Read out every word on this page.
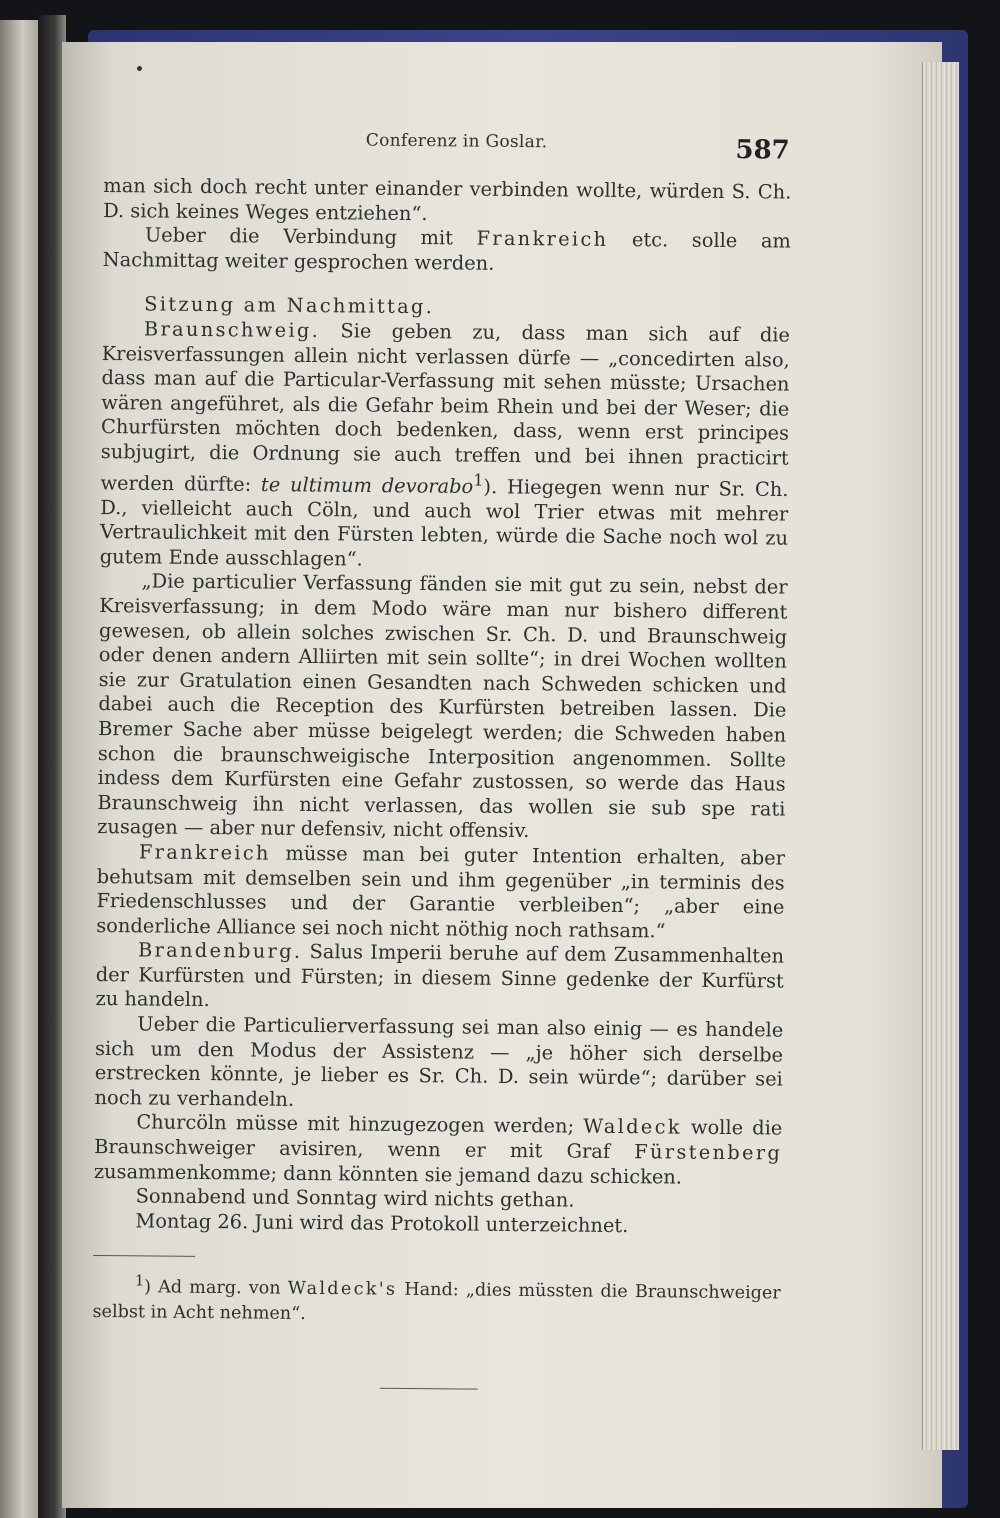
Conferenz in Goslar.	587

man sich doch recht unter einander verbinden wollte, würden S. Ch. D. sich keines Weges entziehen“.

Ueber die Verbindung mit Frankreich etc. solle am Nachmittag weiter gesprochen werden.

Sitzung am Nachmittag.

Braunschweig. Sie geben zu, dass man sich auf die Kreisverfassungen allein nicht verlassen dürfe — „concedirten also, dass man auf die Particular-Verfassung mit sehen müsste; Ursachen wären angeführet, als die Gefahr beim Rhein und bei der Weser; die Churfürsten möchten doch bedenken, dass, wenn erst principes subjugirt, die Ordnung sie auch treffen und bei ihnen practicirt werden dürfte: te ultimum devorabo$^1$). Hiegegen wenn nur Sr. Ch. D., vielleicht auch Cöln, und auch wol Trier etwas mit mehrer Vertraulichkeit mit den Fürsten lebten, würde die Sache noch wol zu gutem Ende ausschlagen“.

„Die particulier Verfassung fänden sie mit gut zu sein, nebst der Kreisverfassung; in dem Modo wäre man nur bishero different gewesen, ob allein solches zwischen Sr. Ch. D. und Braunschweig oder denen andern Alliirten mit sein sollte“; in drei Wochen wollten sie zur Gratulation einen Gesandten nach Schweden schicken und dabei auch die Reception des Kurfürsten betreiben lassen. Die Bremer Sache aber müsse beigelegt werden; die Schweden haben schon die braunschweigische Interposition angenommen. Sollte indess dem Kurfürsten eine Gefahr zustossen, so werde das Haus Braunschweig ihn nicht verlassen, das wollen sie sub spe rati zusagen — aber nur defensiv, nicht offensiv.

Frankreich müsse man bei guter Intention erhalten, aber behutsam mit demselben sein und ihm gegenüber „in terminis des Friedenschlusses und der Garantie verbleiben“; „aber eine sonderliche Alliance sei noch nicht nöthig noch rathsam.“

Brandenburg. Salus Imperii beruhe auf dem Zusammenhalten der Kurfürsten und Fürsten; in diesem Sinne gedenke der Kurfürst zu handeln.

Ueber die Particulierverfassung sei man also einig — es handele sich um den Modus der Assistenz — „je höher sich derselbe erstrecken könnte, je lieber es Sr. Ch. D. sein würde“; darüber sei noch zu verhandeln.

Churcöln müsse mit hinzugezogen werden; Waldeck wolle die Braunschweiger avisiren, wenn er mit Graf Fürstenberg zusammenkomme; dann könnten sie jemand dazu schicken.

Sonnabend und Sonntag wird nichts gethan.

Montag 26. Juni wird das Protokoll unterzeichnet.

$^1$) Ad marg. von Waldeck's Hand: „dies müssten die Braunschweiger selbst in Acht nehmen“.
